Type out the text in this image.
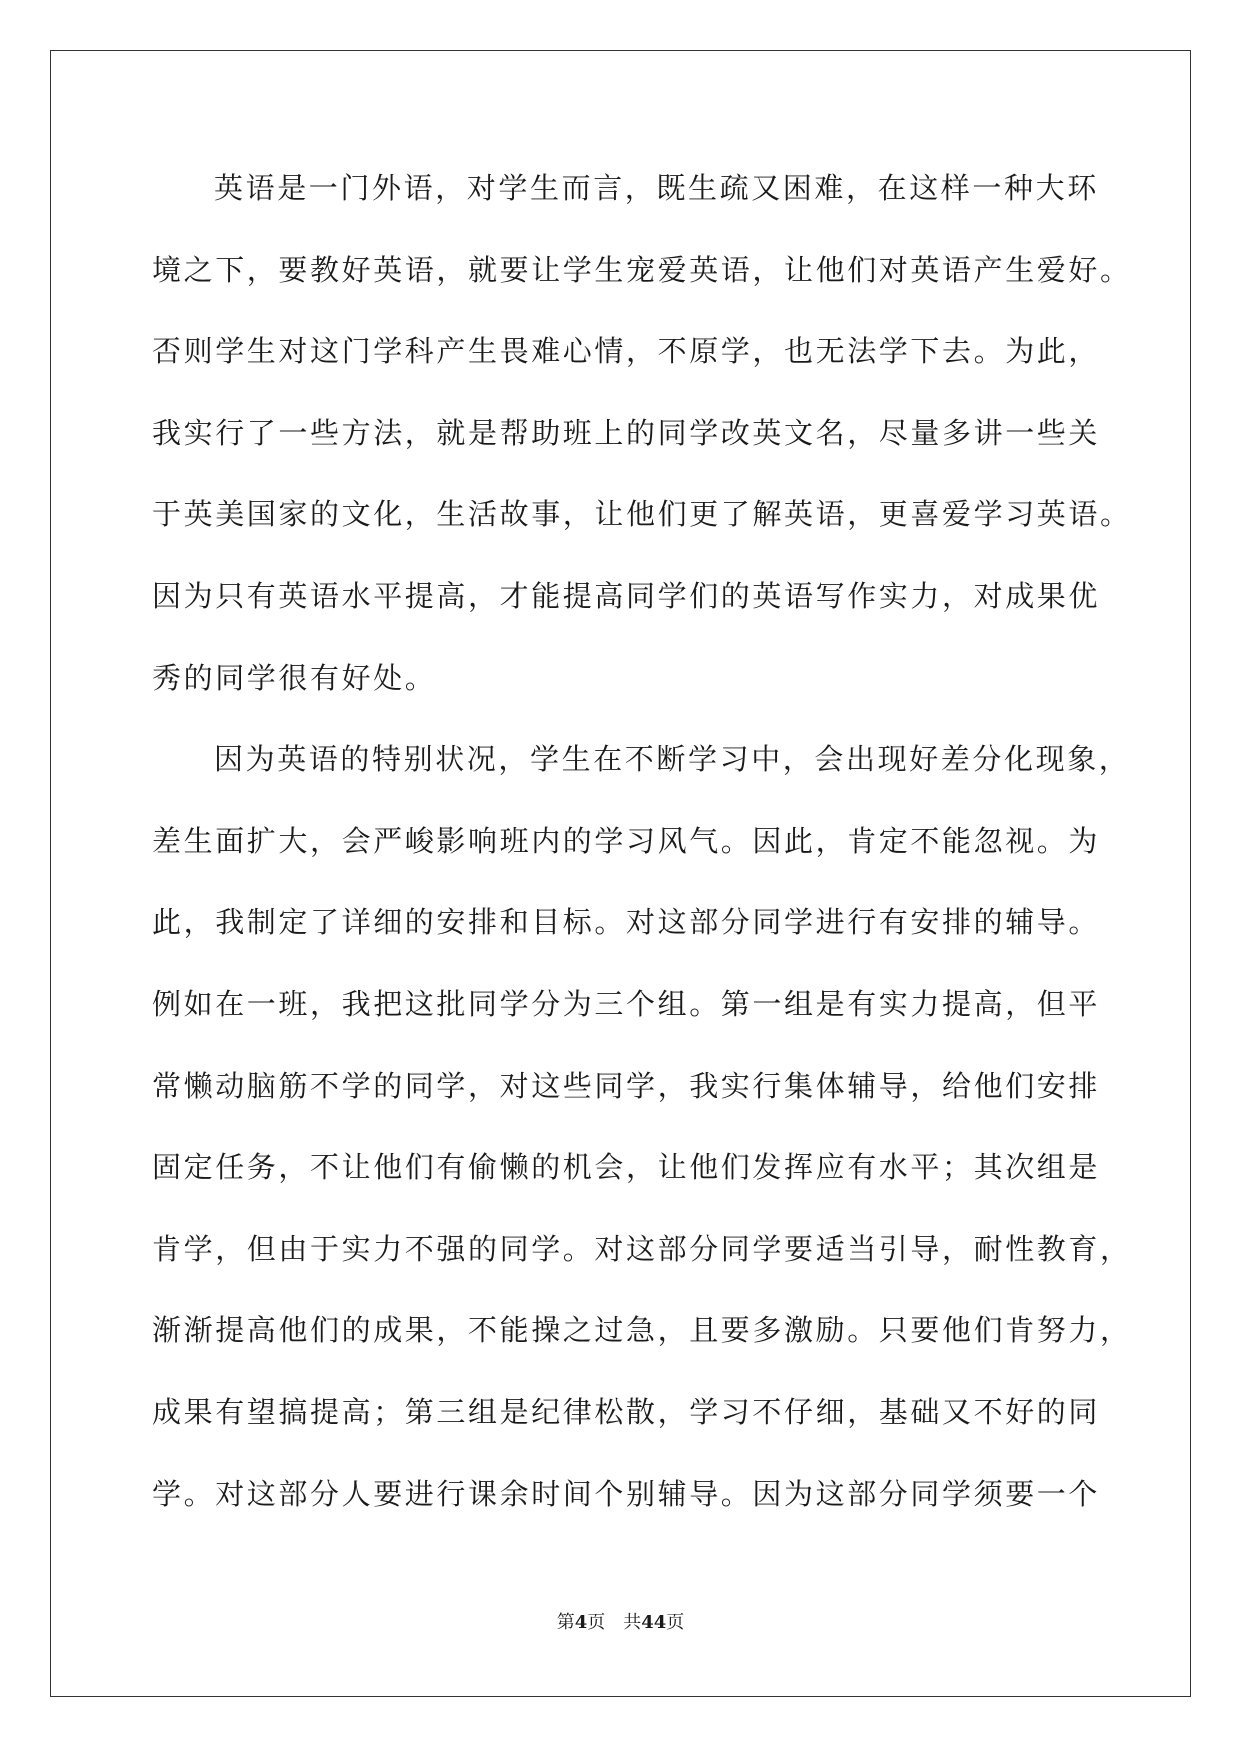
英语是一门外语，对学生而言，既生疏又困难，在这样一种大环
境之下，要教好英语，就要让学生宠爱英语，让他们对英语产生爱好。
否则学生对这门学科产生畏难心情，不原学，也无法学下去。为此，
我实行了一些方法，就是帮助班上的同学改英文名，尽量多讲一些关
于英美国家的文化，生活故事，让他们更了解英语，更喜爱学习英语。
因为只有英语水平提高，才能提高同学们的英语写作实力，对成果优
秀的同学很有好处。
因为英语的特别状况，学生在不断学习中，会出现好差分化现象，
差生面扩大，会严峻影响班内的学习风气。因此，肯定不能忽视。为
此，我制定了详细的安排和目标。对这部分同学进行有安排的辅导。
例如在一班，我把这批同学分为三个组。第一组是有实力提高，但平
常懒动脑筋不学的同学，对这些同学，我实行集体辅导，给他们安排
固定任务，不让他们有偷懒的机会，让他们发挥应有水平；其次组是
肯学，但由于实力不强的同学。对这部分同学要适当引导，耐性教育，
渐渐提高他们的成果，不能操之过急，且要多激励。只要他们肯努力，
成果有望搞提高；第三组是纪律松散，学习不仔细，基础又不好的同
学。对这部分人要进行课余时间个别辅导。因为这部分同学须要一个
第4页 共44页
